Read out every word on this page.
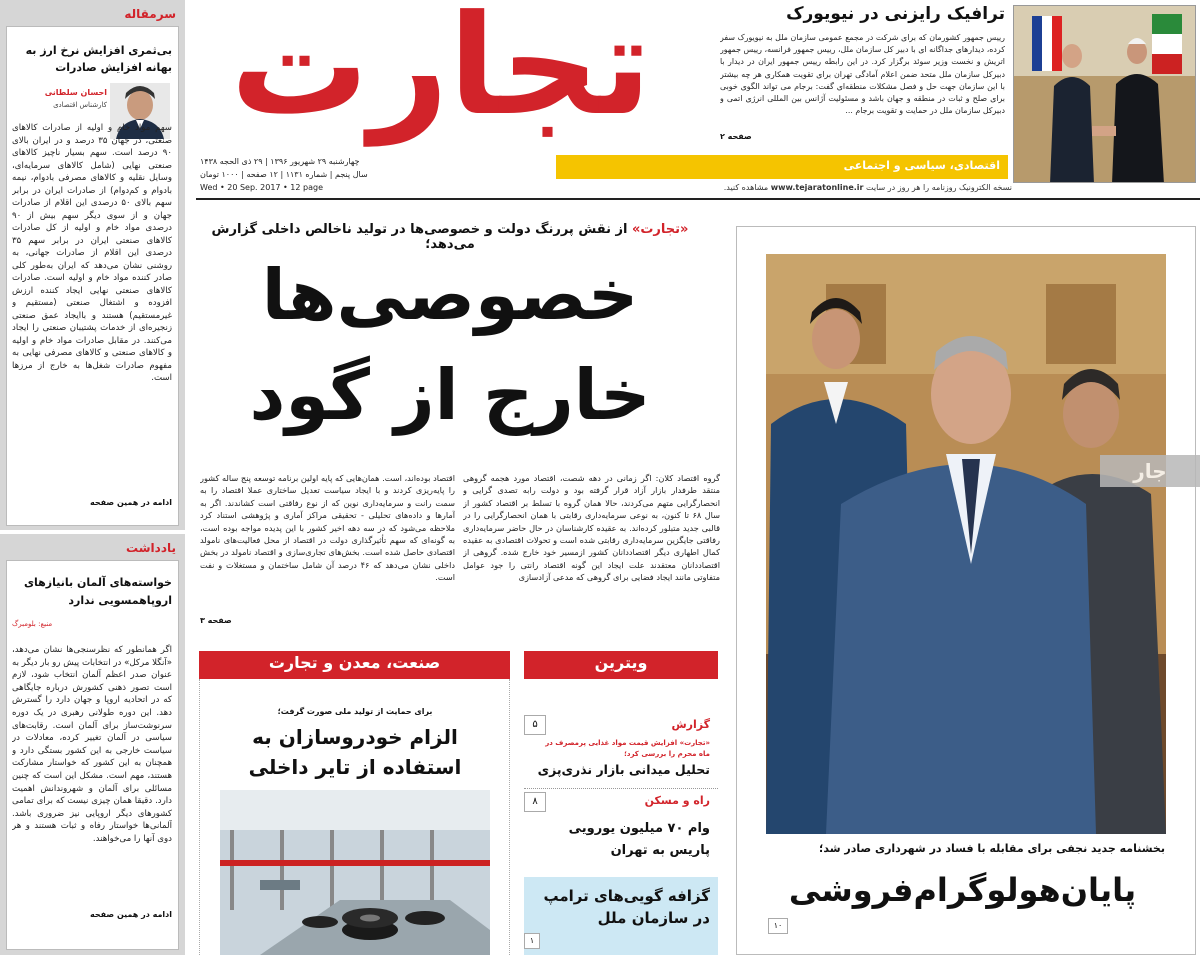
سرمقاله
بی‌ثمری افزایش نرخ ارز به بهانه افزایش صادرات
احسان سلطانی
کارشناس اقتصادی
سهم مواد خام و اولیه از صادرات کالاهای صنعتی، در جهان ۳۵ درصد و در ایران بالای ۹۰ درصد است. سهم بسیار ناچیز کالاهای صنعتی نهایی (شامل کالاهای سرمایه‌ای، وسایل نقلیه و کالاهای مصرفی بادوام، نیمه بادوام و کم‌دوام) از صادرات ایران در برابر سهم بالای ۵۰ درصدی این اقلام از صادرات جهان و از سوی دیگر سهم بیش از ۹۰ درصدی مواد خام و اولیه از کل صادرات کالاهای صنعتی ایران در برابر سهم ۳۵ درصدی این اقلام از صادرات جهانی، به روشنی نشان می‌دهد که ایران به‌طور کلی صادر کننده مواد خام و اولیه است. صادرات کالاهای صنعتی نهایی ایجاد کننده ارزش افزوده و اشتغال صنعتی (مستقیم و غیرمستقیم) هستند و باایجاد عمق صنعتی زنجیره‌ای از خدمات پشتیبان صنعتی را ایجاد می‌کنند. در مقابل صادرات مواد خام و اولیه و کالاهای صنعتی و کالاهای مصرفی نهایی به مفهوم صادرات شغل‌ها به خارج از مرزها است.
ادامه در همین صفحه
یادداشت
خواسته‌های آلمان بانیازهای اروپاهمسویی ندارد
منبع: بلومبرگ
اگر همانطور که نظرسنجی‌ها نشان می‌دهد، «آنگلا مرکل» در انتخابات پیش رو بار دیگر به عنوان صدر اعظم آلمان انتخاب شود، لازم است تصور ذهنی کشورش درباره جایگاهی که در اتحادیه اروپا و جهان دارد را گسترش دهد. این دوره طولانی رهبری در یک دوره سرنوشت‌ساز برای آلمان است. رقابت‌های سیاسی در آلمان تغییر کرده، معادلات در سیاست خارجی به این کشور بستگی دارد و همچنان به این کشور که خواستار مشارکت هستند، مهم است. مشکل این است که چنین مسائلی برای آلمان و شهروندانش اهمیت دارد. دقیقا همان چیزی نیست که برای تمامی کشورهای دیگر اروپایی نیز ضروری باشد. آلمانی‌ها خواستار رفاه و ثبات هستند و هر دوی آنها را می‌خواهند.
ادامه در همین صفحه
تجارت
اقتصادی، سیاسی و اجتماعی
چهارشنبه ۲۹ شهریور ۱۳۹۶ | ۲۹ ذی الحجه ۱۴۳۸
سال پنجم | شماره ۱۱۳۱ | ۱۲ صفحه | ۱۰۰۰ تومان
Wed • 20 Sep. 2017 • 12 page	نسخه الکترونیک روزنامه را هر روز در سایت www.tejaratonline.ir مشاهده کنید.
ترافیک رایزنی در نیویورک
رییس جمهور کشورمان که برای شرکت در مجمع عمومی سازمان ملل به نیویورک سفر کرده، دیدارهای جداگانه ای با دبیر کل سازمان ملل، رییس جمهور فرانسه، رییس جمهور اتریش و نخست وزیر سوئد برگزار کرد. در این رابطه رییس جمهور ایران در دیدار با دبیرکل سازمان ملل متحد ضمن اعلام آمادگی تهران برای تقویت همکاری هر چه بیشتر با این سازمان جهت حل و فصل مشکلات منطقه‌ای گفت: برجام می تواند الگوی خوبی برای صلح و ثبات در منطقه و جهان باشد و مسئولیت آژانس بین المللی انرژی اتمی و دبیرکل سازمان ملل در حمایت و تقویت برجام ...
صفحه ۲
«تجارت» از نقش پررنگ دولت و خصوصی‌ها در تولید ناخالص داخلی گزارش می‌دهد؛
خصوصی‌ها
خارج از گود
گروه اقتصاد کلان: اگر زمانی در دهه شصت، اقتصاد مورد هجمه گروهی منتقد طرفدار بازار آزاد قرار گرفته بود و دولت رابه تصدی گرایی و انحصارگرایی متهم می‌کردند، حالا همان گروه با تسلط بر اقتصاد کشور از سال ۶۸ تا کنون، به نوعی سرمایه‌داری رقابتی با همان انحصارگرایی را در قالبی جدید متبلور کرده‌اند. به عقیده کارشناسان در حال حاضر سرمایه‌داری رفاقتی جایگزین سرمایه‌داری رقابتی شده است و تحولات اقتصادی به عقیده کمال اطهاری دیگر اقتصاددانان کشور ازمسیر خود خارج شده. گروهی از اقتصاددانان معتقدند علت ایجاد این گونه اقتصاد رانتی را جود عوامل متفاوتی مانند ایجاد فضایی برای گروهی که مدعی آزادسازی
اقتصاد بوده‌اند، است. همان‌هایی که پایه اولین برنامه توسعه پنج ساله کشور را پایه‌ریزی کردند و با ایجاد سیاست تعدیل ساختاری عملا اقتصاد را به سمت رانت و سرمایه‌داری نوین که از نوع رفاقتی است کشاندند. اگر به آمارها و داده‌های تحلیلی - تحقیقی مراکز آماری و پژوهشی استناد کرد ملاحظه می‌شود که در سه دهه اخیر کشور با این پدیده مواجه بوده است، به گونه‌ای که سهم تأثیرگذاری دولت در اقتصاد از محل فعالیت‌های نامولد اقتصادی حاصل شده است. بخش‌های تجاری‌سازی و اقتصاد نامولد در بخش داخلی نشان می‌دهد که ۴۶ درصد آن شامل ساختمان و مستغلات و نفت است.
صفحه ۳
صنعت، معدن و تجارت
برای حمایت از تولید ملی صورت گرفت؛
الزام خودروسازان به استفاده از تایر داخلی
ویترین
گزارش
۵
«تجارت» افزایش قیمت مواد غذایی پرمصرف در ماه محرم را بررسی کرد؛
تحلیل میدانی بازار نذری‌پزی
راه و مسکن
۸
وام ۷۰ میلیون یورویی پاریس به تهران
گزافه گویی‌های ترامپ در سازمان ملل
۱
جار
بخشنامه جدید نجفی برای مقابله با فساد در شهرداری صادر شد؛
پایان‌هولوگرام‌فروشی
۱۰
